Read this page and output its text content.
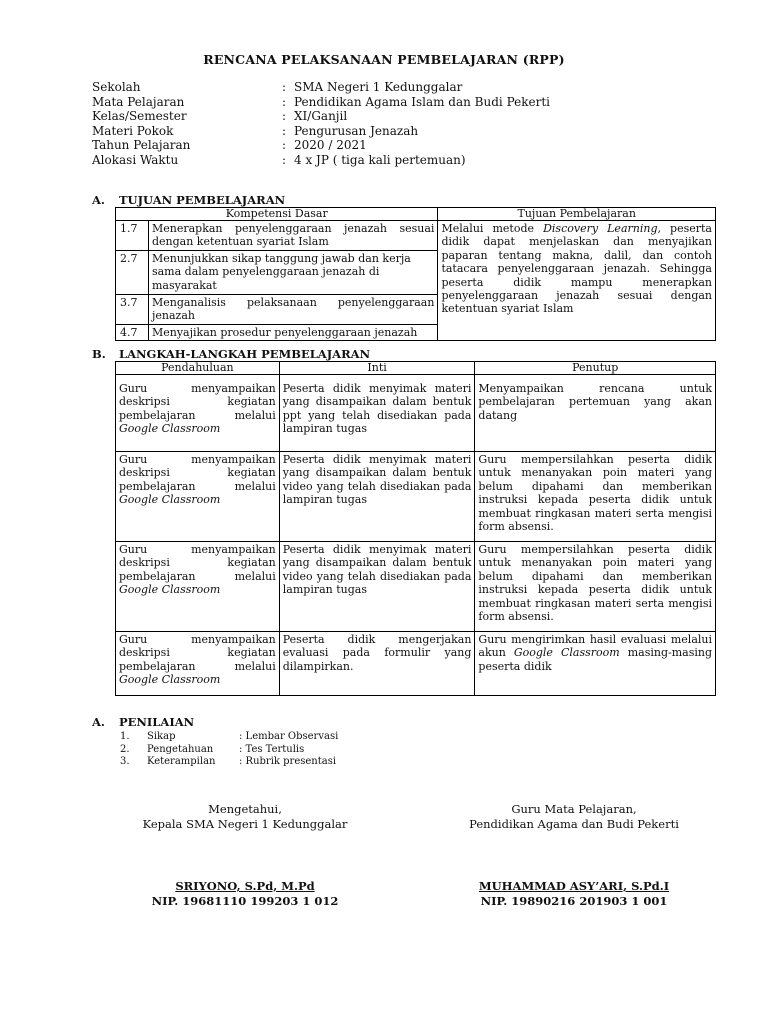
RENCANA PELAKSANAAN PEMBELAJARAN (RPP)
Sekolah	: SMA Negeri 1 Kedunggalar
Mata Pelajaran	: Pendidikan Agama Islam dan Budi Pekerti
Kelas/Semester	: XI/Ganjil
Materi Pokok	: Pengurusan Jenazah
Tahun Pelajaran	: 2020 / 2021
Alokasi Waktu	: 4 x JP ( tiga kali pertemuan)
A. TUJUAN PEMBELAJARAN
Kompetensi Dasar		Tujuan Pembelajaran
1.7	Menerapkan penyelenggaraan jenazah sesuai dengan ketentuan syariat Islam	Melalui metode Discovery Learning, peserta didik dapat menjelaskan dan menyajikan paparan tentang makna, dalil, dan contoh tatacara penyelenggaraan jenazah. Sehingga peserta didik mampu menerapkan penyelenggaraan jenazah sesuai dengan ketentuan syariat Islam
2.7	Menunjukkan sikap tanggung jawab dan kerja sama dalam penyelenggaraan jenazah di masyarakat	
3.7	Menganalisis pelaksanaan penyelenggaraan jenazah	
4.7	Menyajikan prosedur penyelenggaraan jenazah	
B. LANGKAH-LANGKAH PEMBELAJARAN
Pendahuluan	Inti	Penutup
Guru menyampaikan deskripsi kegiatan pembelajaran melalui Google Classroom	Peserta didik menyimak materi yang disampaikan dalam bentuk ppt yang telah disediakan pada lampiran tugas	Menyampaikan rencana untuk pembelajaran pertemuan yang akan datang
Guru menyampaikan deskripsi kegiatan pembelajaran melalui Google Classroom	Peserta didik menyimak materi yang disampaikan dalam bentuk video yang telah disediakan pada lampiran tugas	Guru mempersilahkan peserta didik untuk menanyakan poin materi yang belum dipahami dan memberikan instruksi kepada peserta didik untuk membuat ringkasan materi serta mengisi form absensi.
Guru menyampaikan deskripsi kegiatan pembelajaran melalui Google Classroom	Peserta didik menyimak materi yang disampaikan dalam bentuk video yang telah disediakan pada lampiran tugas	Guru mempersilahkan peserta didik untuk menanyakan poin materi yang belum dipahami dan memberikan instruksi kepada peserta didik untuk membuat ringkasan materi serta mengisi form absensi.
Guru menyampaikan deskripsi kegiatan pembelajaran melalui Google Classroom	Peserta didik mengerjakan evaluasi pada formulir yang dilampirkan.	Guru mengirimkan hasil evaluasi melalui akun Google Classroom masing-masing peserta didik
A. PENILAIAN
1.	Sikap	: Lembar Observasi
2.	Pengetahuan	: Tes Tertulis
3.	Keterampilan	: Rubrik presentasi
Mengetahui,
Kepala SMA Negeri 1 Kedunggalar
SRIYONO, S.Pd, M.Pd
NIP. 19681110 199203 1 012
Guru Mata Pelajaran,
Pendidikan Agama dan Budi Pekerti
MUHAMMAD ASY’ARI, S.Pd.I
NIP. 19890216 201903 1 001
